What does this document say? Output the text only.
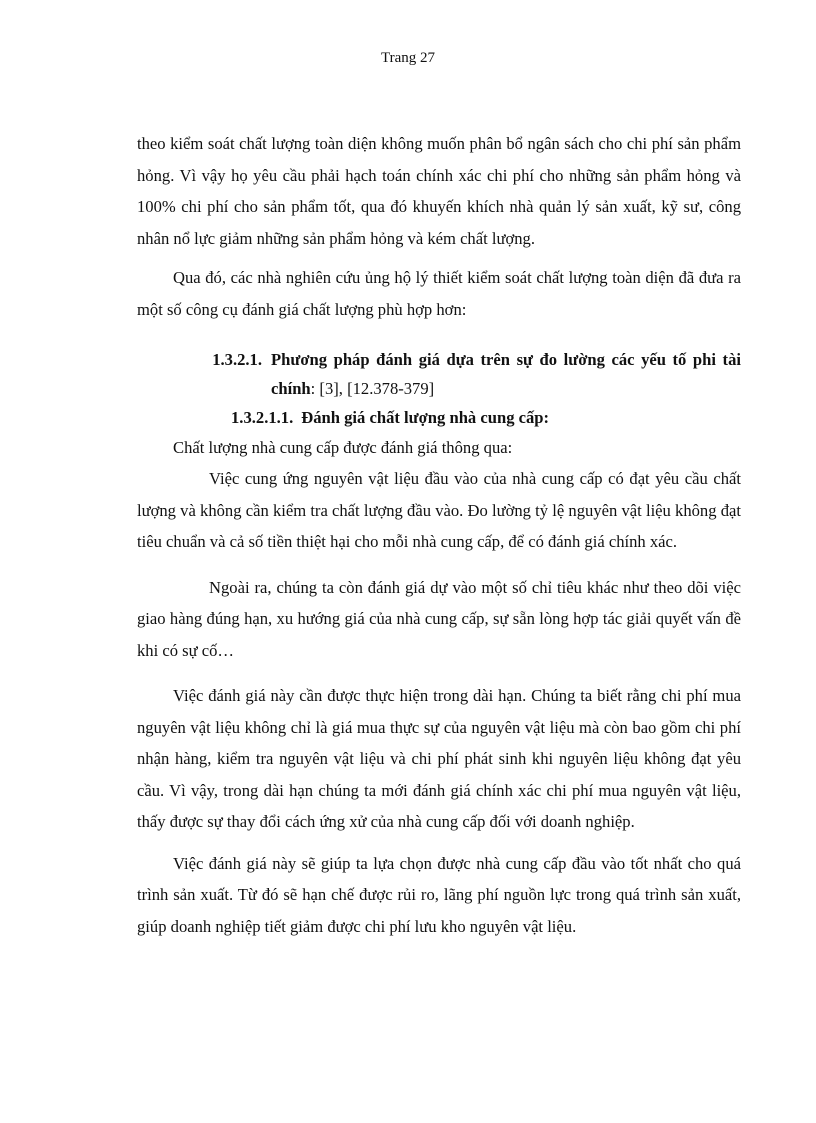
Trang 27

theo kiểm soát chất lượng toàn diện không muốn phân bổ ngân sách cho chi phí sản phẩm hỏng. Vì vậy họ yêu cầu phải hạch toán chính xác chi phí cho những sản phẩm hỏng và 100% chi phí cho sản phẩm tốt, qua đó khuyến khích nhà quản lý sản xuất, kỹ sư, công nhân nổ lực giảm những sản phẩm hỏng và kém chất lượng.

Qua đó, các nhà nghiên cứu ủng hộ lý thiết kiểm soát chất lượng toàn diện đã đưa ra một số công cụ đánh giá chất lượng phù hợp hơn:

1.3.2.1. Phương pháp đánh giá dựa trên sự đo lường các yếu tố phi tài chính: [3], [12.378-379]
1.3.2.1.1. Đánh giá chất lượng nhà cung cấp:

Chất lượng nhà cung cấp được đánh giá thông qua:

Việc cung ứng nguyên vật liệu đầu vào của nhà cung cấp có đạt yêu cầu chất lượng và không cần kiểm tra chất lượng đầu vào. Đo lường tỷ lệ nguyên vật liệu không đạt tiêu chuẩn và cả số tiền thiệt hại cho mỗi nhà cung cấp, để có đánh giá chính xác.

Ngoài ra, chúng ta còn đánh giá dự vào một số chỉ tiêu khác như theo dõi việc giao hàng đúng hạn, xu hướng giá của nhà cung cấp, sự sẵn lòng hợp tác giải quyết vấn đề khi có sự cố…

Việc đánh giá này cần được thực hiện trong dài hạn. Chúng ta biết rằng chi phí mua nguyên vật liệu không chỉ là giá mua thực sự của nguyên vật liệu mà còn bao gồm chi phí nhận hàng, kiểm tra nguyên vật liệu và chi phí phát sinh khi nguyên liệu không đạt yêu cầu. Vì vậy, trong dài hạn chúng ta mới đánh giá chính xác chi phí mua nguyên vật liệu, thấy được sự thay đổi cách ứng xử của nhà cung cấp đối với doanh nghiệp.

Việc đánh giá này sẽ giúp ta lựa chọn được nhà cung cấp đầu vào tốt nhất cho quá trình sản xuất. Từ đó sẽ hạn chế được rủi ro, lãng phí nguồn lực trong quá trình sản xuất, giúp doanh nghiệp tiết giảm được chi phí lưu kho nguyên vật liệu.
